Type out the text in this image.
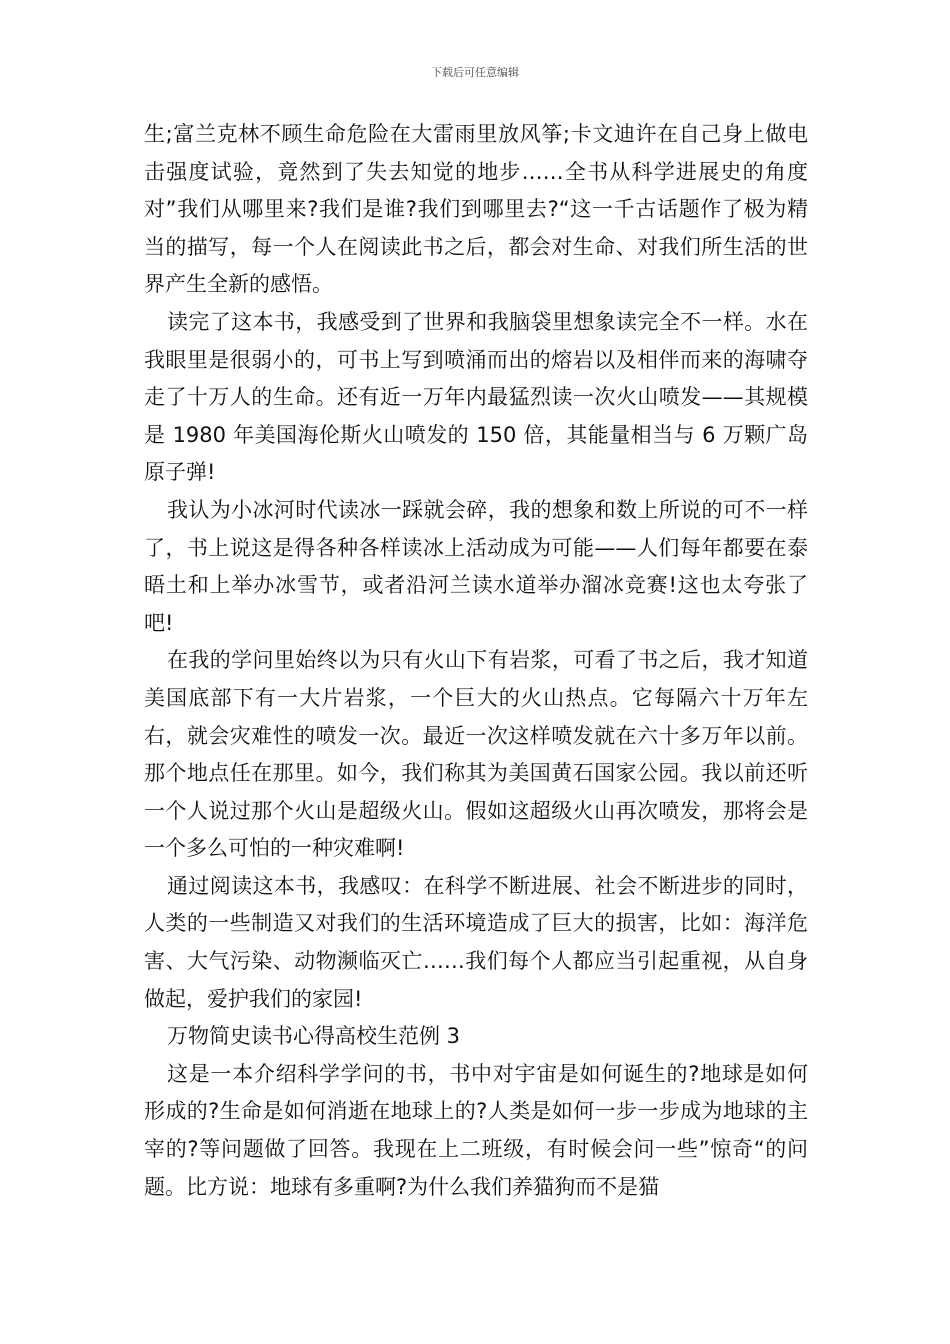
下载后可任意编辑

生;富兰克林不顾生命危险在大雷雨里放风筝;卡文迪许在自己身上做电击强度试验，竟然到了失去知觉的地步……全书从科学进展史的角度对”我们从哪里来?我们是谁?我们到哪里去?“这一千古话题作了极为精当的描写，每一个人在阅读此书之后，都会对生命、对我们所生活的世界产生全新的感悟。

读完了这本书，我感受到了世界和我脑袋里想象读完全不一样。水在我眼里是很弱小的，可书上写到喷涌而出的熔岩以及相伴而来的海啸夺走了十万人的生命。还有近一万年内最猛烈读一次火山喷发——其规模是 1980 年美国海伦斯火山喷发的 150 倍，其能量相当与 6 万颗广岛原子弹!

我认为小冰河时代读冰一踩就会碎，我的想象和数上所说的可不一样了，书上说这是得各种各样读冰上活动成为可能——人们每年都要在泰晤土和上举办冰雪节，或者沿河兰读水道举办溜冰竞赛!这也太夸张了吧!

在我的学问里始终以为只有火山下有岩浆，可看了书之后，我才知道美国底部下有一大片岩浆，一个巨大的火山热点。它每隔六十万年左右，就会灾难性的喷发一次。最近一次这样喷发就在六十多万年以前。那个地点任在那里。如今，我们称其为美国黄石国家公园。我以前还听一个人说过那个火山是超级火山。假如这超级火山再次喷发，那将会是一个多么可怕的一种灾难啊!

通过阅读这本书，我感叹：在科学不断进展、社会不断进步的同时，人类的一些制造又对我们的生活环境造成了巨大的损害，比如：海洋危害、大气污染、动物濒临灭亡……我们每个人都应当引起重视，从自身做起，爱护我们的家园!

万物简史读书心得高校生范例 3

这是一本介绍科学学问的书，书中对宇宙是如何诞生的?地球是如何形成的?生命是如何消逝在地球上的?人类是如何一步一步成为地球的主宰的?等问题做了回答。我现在上二班级，有时候会问一些”惊奇“的问题。比方说：地球有多重啊?为什么我们养猫狗而不是猫
